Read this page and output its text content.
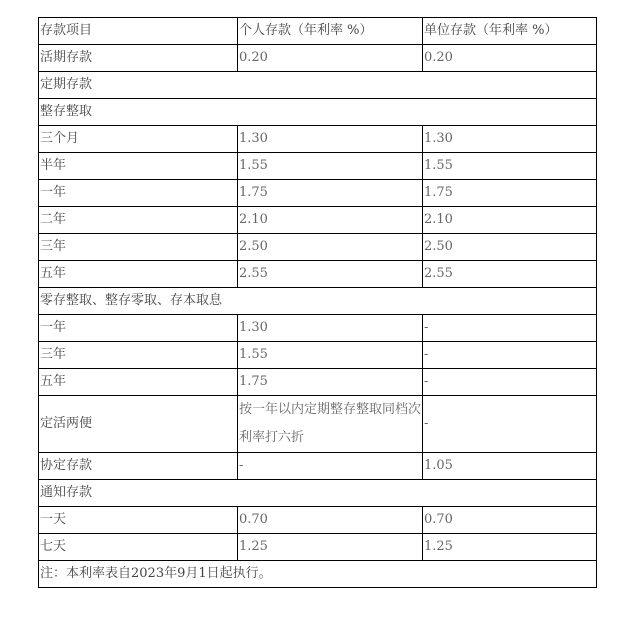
存款项目	个人存款（年利率 %）	单位存款（年利率 %）
活期存款	0.20	0.20
定期存款		
整存整取		
三个月	1.30	1.30
半年	1.55	1.55
一年	1.75	1.75
二年	2.10	2.10
三年	2.50	2.50
五年	2.55	2.55
零存整取、整存零取、存本取息		
一年	1.30	-
三年	1.55	-
五年	1.75	-
定活两便	按一年以内定期整存整取同档次利率打六折	-
协定存款	-	1.05
通知存款		
一天	0.70	0.70
七天	1.25	1.25
注：本利率表自2023年9月1日起执行。		
